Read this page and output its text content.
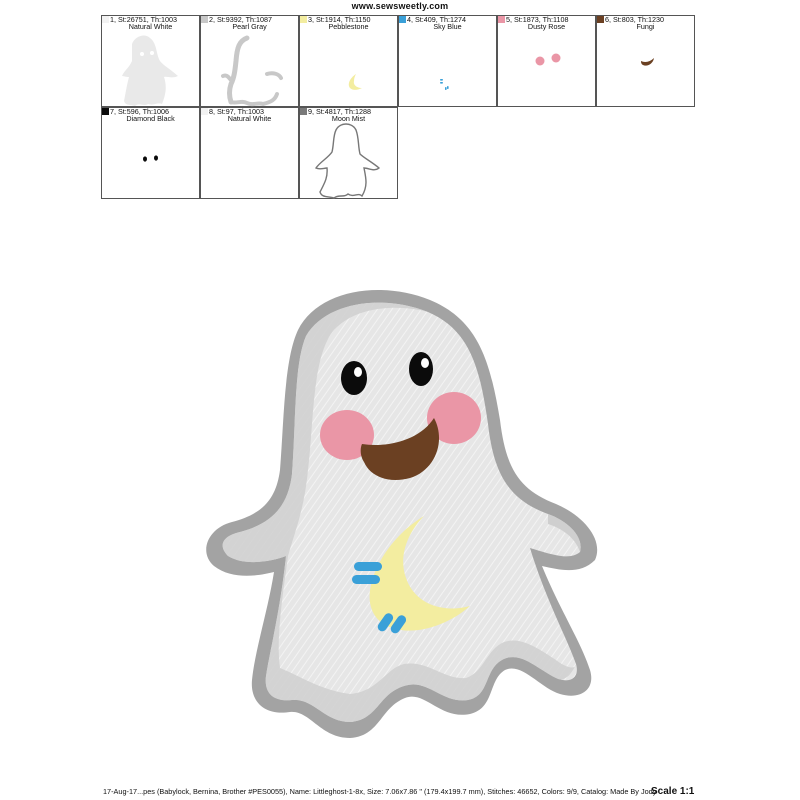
www.sewsweetly.com
1, St:26751, Th:1003
Natural White
2, St:9392, Th:1087
Pearl Gray
3, St:1914, Th:1150
Pebblestone
4, St:409, Th:1274
Sky Blue
5, St:1873, Th:1108
Dusty Rose
6, St:803, Th:1230
Fungi
7, St:596, Th:1006
Diamond Black
8, St:97, Th:1003
Natural White
9, St:4817, Th:1288
Moon Mist
17-Aug-17...pes (Babylock, Bernina, Brother #PES0055), Name: Littleghost-1-8x, Size: 7.06x7.86 " (179.4x199.7 mm), Stitches: 46652, Colors: 9/9, Catalog: Made By Jody
Scale 1:1
